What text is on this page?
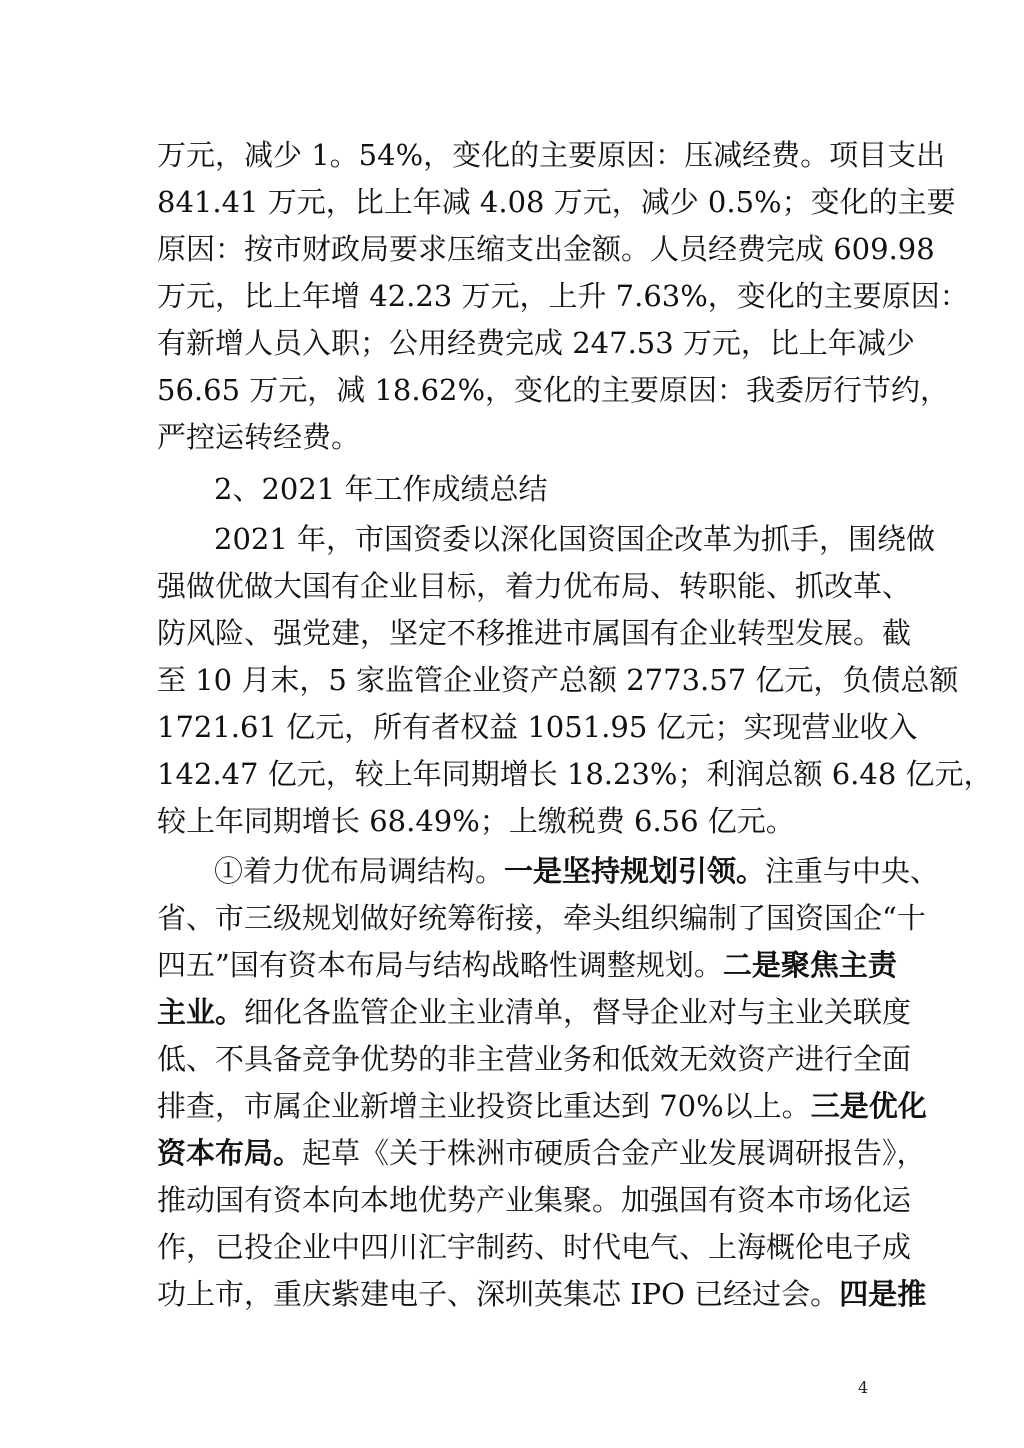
万元，减少 1。54%，变化的主要原因：压减经费。项目支出
841.41 万元，比上年减 4.08 万元，减少 0.5%；变化的主要
原因：按市财政局要求压缩支出金额。人员经费完成 609.98
万元，比上年增 42.23 万元，上升 7.63%，变化的主要原因：
有新增人员入职；公用经费完成 247.53 万元，比上年减少
56.65 万元，减 18.62%，变化的主要原因：我委厉行节约，
严控运转经费。
2、2021 年工作成绩总结
2021 年，市国资委以深化国资国企改革为抓手，围绕做
强做优做大国有企业目标，着力优布局、转职能、抓改革、
防风险、强党建，坚定不移推进市属国有企业转型发展。截
至 10 月末，5 家监管企业资产总额 2773.57 亿元，负债总额
1721.61 亿元，所有者权益 1051.95 亿元；实现营业收入
142.47 亿元，较上年同期增长 18.23%；利润总额 6.48 亿元，
较上年同期增长 68.49%；上缴税费 6.56 亿元。
①着力优布局调结构。一是坚持规划引领。注重与中央、
省、市三级规划做好统筹衔接，牵头组织编制了国资国企“十
四五”国有资本布局与结构战略性调整规划。二是聚焦主责
主业。细化各监管企业主业清单，督导企业对与主业关联度
低、不具备竞争优势的非主营业务和低效无效资产进行全面
排查，市属企业新增主业投资比重达到 70%以上。三是优化
资本布局。起草《关于株洲市硬质合金产业发展调研报告》，
推动国有资本向本地优势产业集聚。加强国有资本市场化运
作，已投企业中四川汇宇制药、时代电气、上海概伦电子成
功上市，重庆紫建电子、深圳英集芯 IPO 已经过会。四是推
4
